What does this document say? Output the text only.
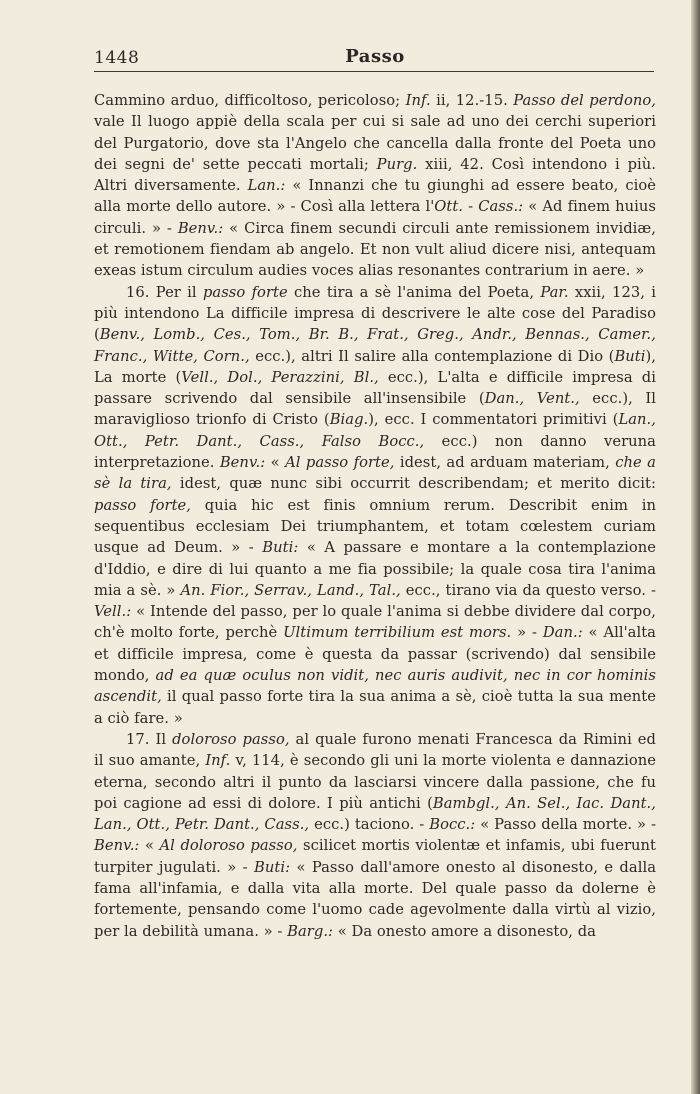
1448	Passo

Cammino arduo, difficoltoso, pericoloso; Inf. ii, 12.-15. Passo del perdono, vale Il luogo appiè della scala per cui si sale ad uno dei cerchi superiori del Purgatorio, dove sta l'Angelo che cancella dalla fronte del Poeta uno dei segni de' sette peccati mortali; Purg. xiii, 42. Così intendono i più. Altri diversamente. Lan.: « Innanzi che tu giunghi ad essere beato, cioè alla morte dello autore. » - Così alla lettera l'Ott. - Cass.: « Ad finem huius circuli. » - Benv.: « Circa finem secundi circuli ante remissionem invidiæ, et remotionem fiendam ab angelo. Et non vult aliud dicere nisi, antequam exeas istum circulum audies voces alias resonantes contrarium in aere. »

16. Per il passo forte che tira a sè l'anima del Poeta, Par. xxii, 123, i più intendono La difficile impresa di descrivere le alte cose del Paradiso (Benv., Lomb., Ces., Tom., Br. B., Frat., Greg., Andr., Bennas., Camer., Franc., Witte, Corn., ecc.), altri Il salire alla contemplazione di Dio (Buti), La morte (Vell., Dol., Perazzini, Bl., ecc.), L'alta e difficile impresa di passare scrivendo dal sensibile all'insensibile (Dan., Vent., ecc.), Il maraviglioso trionfo di Cristo (Biag.), ecc. I commentatori primitivi (Lan., Ott., Petr. Dant., Cass., Falso Bocc., ecc.) non danno veruna interpretazione. Benv.: « Al passo forte, idest, ad arduam materiam, che a sè la tira, idest, quæ nunc sibi occurrit describendam; et merito dicit: passo forte, quia hic est finis omnium rerum. Describit enim in sequentibus ecclesiam Dei triumphantem, et totam cœlestem curiam usque ad Deum. » - Buti: « A passare e montare a la contemplazione d'Iddio, e dire di lui quanto a me fia possibile; la quale cosa tira l'anima mia a sè. » An. Fior., Serrav., Land., Tal., ecc., tirano via da questo verso. - Vell.: « Intende del passo, per lo quale l'anima si debbe dividere dal corpo, ch'è molto forte, perchè Ultimum terribilium est mors. » - Dan.: « All'alta et difficile impresa, come è questa da passar (scrivendo) dal sensibile mondo, ad ea quæ oculus non vidit, nec auris audivit, nec in cor hominis ascendit, il qual passo forte tira la sua anima a sè, cioè tutta la sua mente a ciò fare. »

17. Il doloroso passo, al quale furono menati Francesca da Rimini ed il suo amante, Inf. v, 114, è secondo gli uni la morte violenta e dannazione eterna, secondo altri il punto da lasciarsi vincere dalla passione, che fu poi cagione ad essi di dolore. I più antichi (Bambgl., An. Sel., Iac. Dant., Lan., Ott., Petr. Dant., Cass., ecc.) taciono. - Bocc.: « Passo della morte. » - Benv.: « Al doloroso passo, scilicet mortis violentæ et infamis, ubi fuerunt turpiter jugulati. » - Buti: « Passo dall'amore onesto al disonesto, e dalla fama all'infamia, e dalla vita alla morte. Del quale passo da dolerne è fortemente, pensando come l'uomo cade agevolmente dalla virtù al vizio, per la debilità umana. » - Barg.: « Da onesto amore a disonesto, da
